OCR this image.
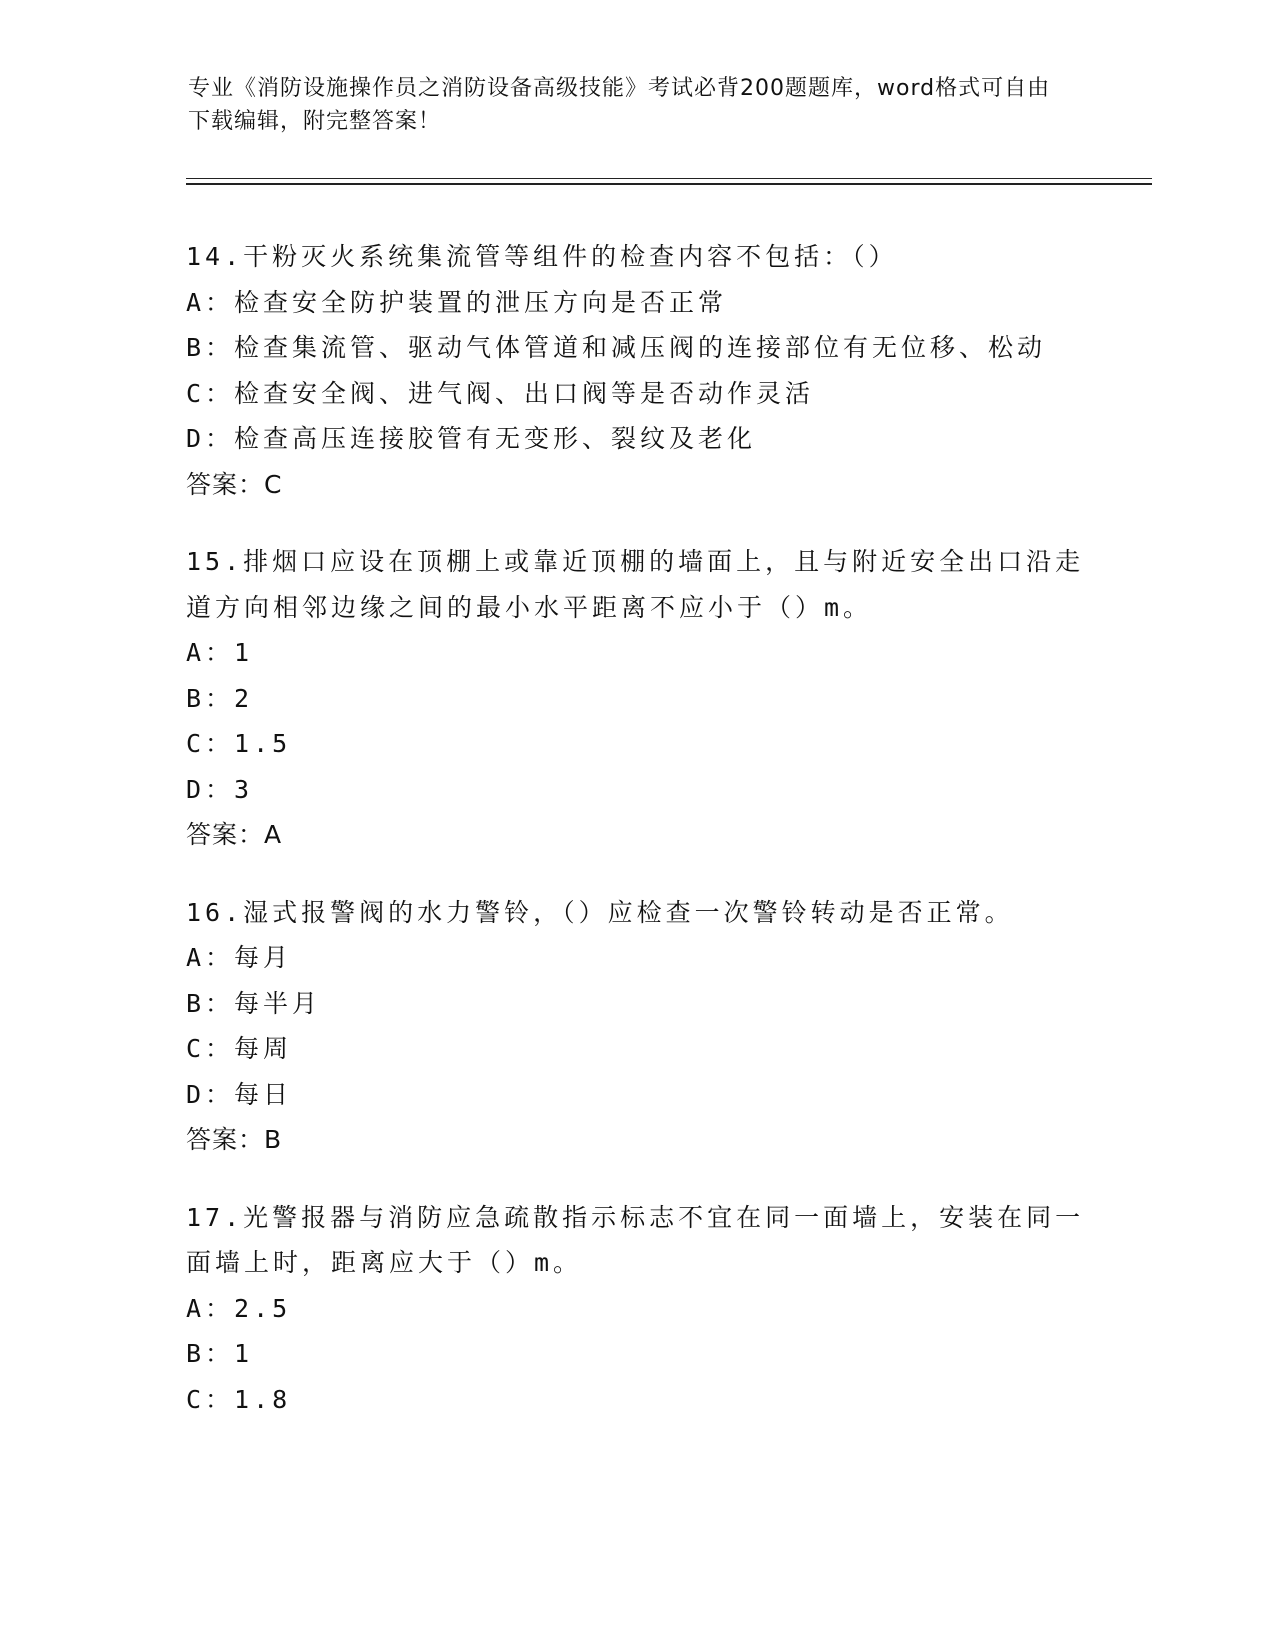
专业《消防设施操作员之消防设备高级技能》考试必背200题题库，word格式可自由下载编辑，附完整答案！
14.干粉灭火系统集流管等组件的检查内容不包括：（）
A：检查安全防护装置的泄压方向是否正常
B：检查集流管、驱动气体管道和减压阀的连接部位有无位移、松动
C：检查安全阀、进气阀、出口阀等是否动作灵活
D：检查高压连接胶管有无变形、裂纹及老化
答案：C
15.排烟口应设在顶棚上或靠近顶棚的墙面上，且与附近安全出口沿走道方向相邻边缘之间的最小水平距离不应小于（）m。
A：1
B：2
C：1.5
D：3
答案：A
16.湿式报警阀的水力警铃，（）应检查一次警铃转动是否正常。
A：每月
B：每半月
C：每周
D：每日
答案：B
17.光警报器与消防应急疏散指示标志不宜在同一面墙上，安装在同一面墙上时，距离应大于（）m。
A：2.5
B：1
C：1.8
